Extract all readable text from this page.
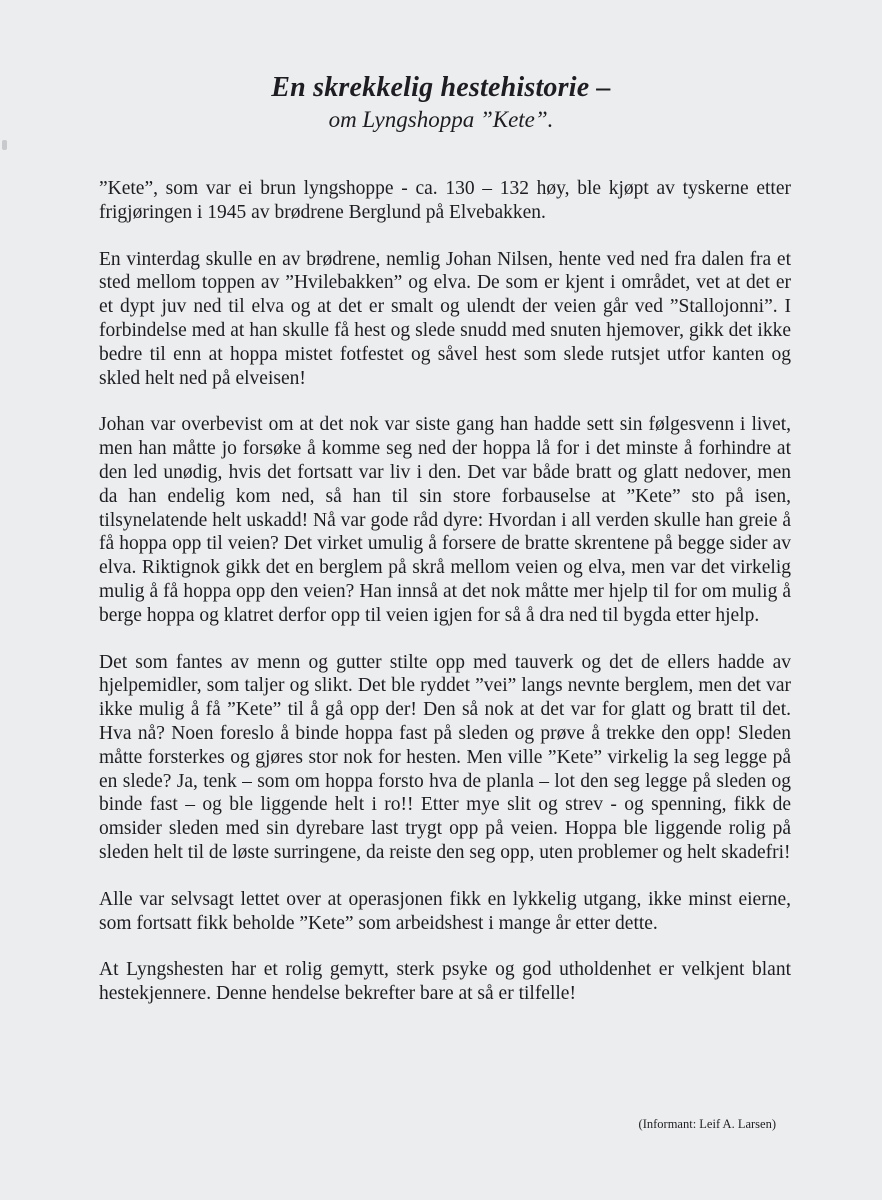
En skrekkelig hestehistorie –

om Lyngshoppa ”Kete”.

”Kete”, som var ei brun lyngshoppe - ca. 130 – 132 høy, ble kjøpt av tyskerne etter frigjøringen i 1945 av brødrene Berglund på Elvebakken.

En vinterdag skulle en av brødrene, nemlig Johan Nilsen, hente ved ned fra dalen fra et sted mellom toppen av ”Hvilebakken” og elva. De som er kjent i området, vet at det er et dypt juv ned til elva og at det er smalt og ulendt der veien går ved ”Stallojonni”. I forbindelse med at han skulle få hest og slede snudd med snuten hjemover, gikk det ikke bedre til enn at hoppa mistet fotfestet og såvel hest som slede rutsjet utfor kanten og skled helt ned på elveisen!

Johan var overbevist om at det nok var siste gang han hadde sett sin følgesvenn i livet, men han måtte jo forsøke å komme seg ned der hoppa lå for i det minste å forhindre at den led unødig, hvis det fortsatt var liv i den. Det var både bratt og glatt nedover, men da han endelig kom ned, så han til sin store forbauselse at ”Kete” sto på isen, tilsynelatende helt uskadd! Nå var gode råd dyre: Hvordan i all verden skulle han greie å få hoppa opp til veien? Det virket umulig å forsere de bratte skrentene på begge sider av elva. Riktignok gikk det en berglem på skrå mellom veien og elva, men var det virkelig mulig å få hoppa opp den veien? Han innså at det nok måtte mer hjelp til for om mulig å berge hoppa og klatret derfor opp til veien igjen for så å dra ned til bygda etter hjelp.

Det som fantes av menn og gutter stilte opp med tauverk og det de ellers hadde av hjelpemidler, som taljer og slikt. Det ble ryddet ”vei” langs nevnte berglem, men det var ikke mulig å få ”Kete” til å gå opp der! Den så nok at det var for glatt og bratt til det. Hva nå? Noen foreslo å binde hoppa fast på sleden og prøve å trekke den opp! Sleden måtte forsterkes og gjøres stor nok for hesten. Men ville ”Kete” virkelig la seg legge på en slede? Ja, tenk – som om hoppa forsto hva de planla – lot den seg legge på sleden og binde fast – og ble liggende helt i ro!! Etter mye slit og strev - og spenning, fikk de omsider sleden med sin dyrebare last trygt opp på veien. Hoppa ble liggende rolig på sleden helt til de løste surringene, da reiste den seg opp, uten problemer og helt skadefri!

Alle var selvsagt lettet over at operasjonen fikk en lykkelig utgang, ikke minst eierne, som fortsatt fikk beholde ”Kete” som arbeidshest i mange år etter dette.

At Lyngshesten har et rolig gemytt, sterk psyke og god utholdenhet er velkjent blant hestekjennere. Denne hendelse bekrefter bare at så er tilfelle!

(Informant: Leif A. Larsen)
